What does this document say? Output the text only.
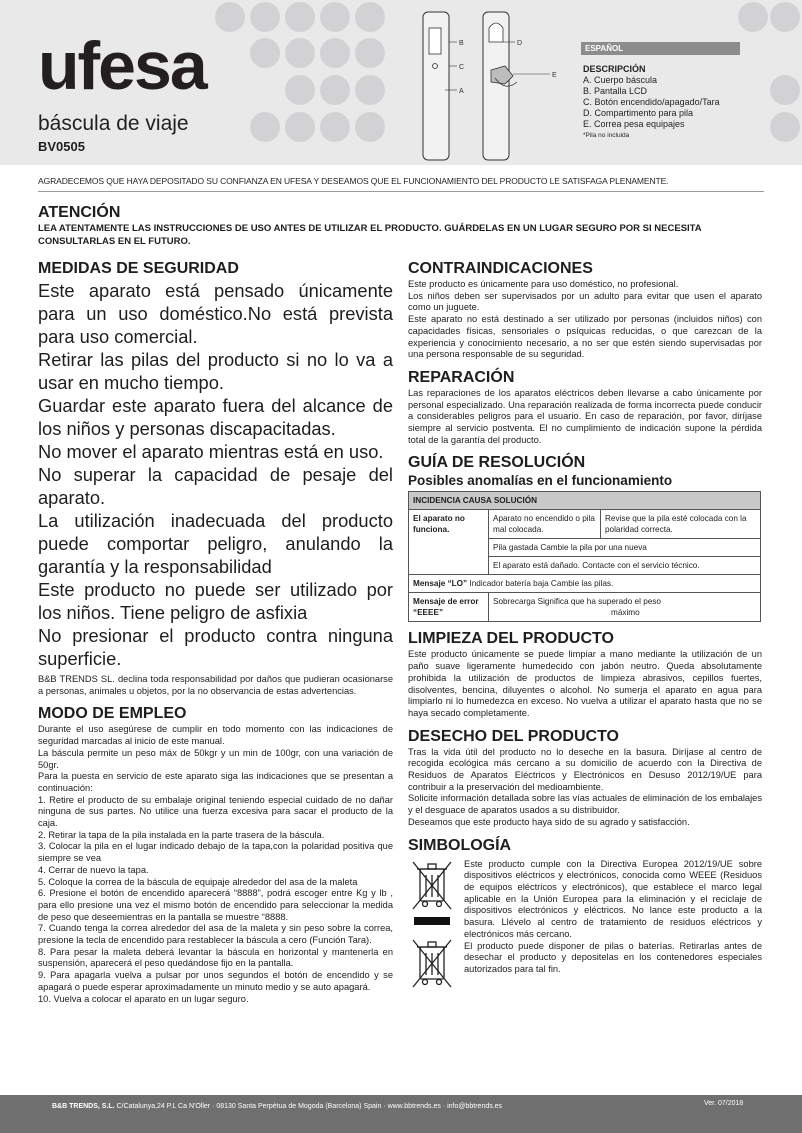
ufesa
báscula de viaje
BV0505
B
C
A
D
E
ESPAÑOL
DESCRIPCIÓN
A. Cuerpo báscula
B. Pantalla LCD
C. Botón encendido/apagado/Tara
D. Compartimento para pila
E. Correa pesa equipajes
*Pila no incluida
AGRADECEMOS QUE HAYA DEPOSITADO SU CONFIANZA EN UFESA Y DESEAMOS QUE EL FUNCIONAMIENTO DEL PRODUCTO LE SATISFAGA PLENAMENTE.
ATENCIÓN
LEA ATENTAMENTE LAS INSTRUCCIONES DE USO ANTES DE UTILIZAR EL PRODUCTO. GUÁRDELAS EN UN LUGAR SEGURO POR SI NECESITA CONSULTARLAS EN EL FUTURO.
MEDIDAS DE SEGURIDAD

Este aparato está pensado únicamente para un uso doméstico.No está prevista para uso comercial.

Retirar las pilas del producto si no lo va a usar en mucho tiempo.

Guardar este aparato fuera del alcance de los niños y personas discapacitadas.

No mover el aparato mientras está en uso.

No superar la capacidad de pesaje del aparato.

La utilización inadecuada del producto puede comportar peligro, anulando la garantía y la responsabilidad

Este producto no puede ser utilizado por los niños. Tiene peligro de asfixia

No presionar el producto contra ninguna superficie.

B&B TRENDS SL. declina toda responsabilidad por daños que pudieran ocasionarse a personas, animales u objetos, por la no observancia de estas advertencias.
MODO DE EMPLEO

Durante el uso asegúrese de cumplir en todo momento con las indicaciones de seguridad marcadas al inicio de este manual.

La báscula permite un peso máx de 50kgr y un min de 100gr, con una variación de 50gr.

Para la puesta en servicio de este aparato siga las indicaciones que se presentan a continuación:

1. Retire el producto de su embalaje original teniendo especial cuidado de no dañar ninguna de sus partes. No utilice una fuerza excesiva para sacar el producto de la caja.

2. Retirar la tapa de la pila instalada en la parte trasera de la báscula.

3. Colocar la pila en el lugar indicado debajo de la tapa,con la polaridad positiva que siempre se vea

4. Cerrar de nuevo la tapa.

5. Coloque la correa de la báscula de equipaje alrededor del asa de la maleta

6. Presione el botón de encendido aparecerá “8888”, podrá escoger entre Kg y lb , para ello presione una vez el mismo botón de encendido para seleccionar la medida de peso que deseemientras en la pantalla se muestre “8888.

7. Cuando tenga la correa alrededor del asa de la maleta y sin peso sobre la correa, presione la tecla de encendido para restablecer la báscula a cero (Función Tara).

8. Para pesar la maleta deberá levantar la báscula en horizontal y mantenerla en suspensión, aparecerá el peso quedándose fijo en la pantalla.

9. Para apagarla vuelva a pulsar por unos segundos el botón de encendido y se apagará o puede esperar aproximadamente un minuto medio y se auto apagará.

10. Vuelva a colocar el aparato en un lugar seguro.

CONTRAINDICACIONES

Este producto es únicamente para uso doméstico, no profesional.

Los niños deben ser supervisados por un adulto para evitar que usen el aparato como un juguete.

Este aparato no está destinado a ser utilizado por personas (incluidos niños) con capacidades físicas, sensoriales o psíquicas reducidas, o que carezcan de la experiencia y conocimiento necesario, a no ser que estén siendo supervisadas por una persona responsable de su seguridad.

REPARACIÓN
Las reparaciones de los aparatos eléctricos deben llevarse a cabo únicamente por personal especializado. Una reparación realizada de forma incorrecta puede conducir a considerables peligros para el usuario. En caso de reparación, por favor, diríjase siempre al servicio postventa. El no cumplimiento de indicación supone la pérdida total de la garantía del producto.
GUÍA DE RESOLUCIÓN
Posibles anomalías en el funcionamiento
INCIDENCIA CAUSA SOLUCIÓN		
El aparato no funciona.	Aparato no encendido o pila mal colocada.	Revise que la pila esté colocada con la polaridad correcta.
	Pila gastada Cambie la pila por una nueva	
	El aparato está dañado. Contacte con el servicio técnico.	
Mensaje “LO” Indicador batería baja Cambie las pilas.		
Mensaje de error “EEEE”	Sobrecarga Significa que ha superado el peso
máximo	
LIMPIEZA DEL PRODUCTO
Este producto únicamente se puede limpiar a mano mediante la utilización de un paño suave ligeramente humedecido con jabón neutro. Queda absolutamente prohibida la utilización de productos de limpieza abrasivos, cepillos fuertes, disolventes, bencina, diluyentes o alcohol. No sumerja el aparato en agua para limpiarlo ni lo humedezca en exceso. No vuelva a utilizar el aparato hasta que no se haya secado completamente.
DESECHO DEL PRODUCTO

Tras la vida útil del producto no lo deseche en la basura. Diríjase al centro de recogida ecológica más cercano a su domicilio de acuerdo con la Directiva de Residuos de Aparatos Eléctricos y Electrónicos en Desuso 2012/19/UE para contribuir a la preservación del medioambiente.

Solicite información detallada sobre las vías actuales de eliminación de los embalajes y el desguace de aparatos usados a su distribuidor.

Deseamos que este producto haya sido de su agrado y satisfacción.

SIMBOLOGÍA

Este producto cumple con la Directiva Europea 2012/19/UE sobre dispositivos eléctricos y electrónicos, conocida como WEEE (Residuos de equipos eléctricos y electrónicos), que establece el marco legal aplicable en la Unión Europea para la eliminación y el reciclaje de dispositivos electrónicos y eléctricos. No lance este producto a la basura. Llévelo al centro de tratamiento de residuos eléctricos y electrónicos más cercano.

El producto puede disponer de pilas o baterías. Retirarlas antes de desechar el producto y depositelas en los contenedores especiales autorizados para tal fin.

B&B TRENDS, S.L. C/Catalunya,24 P.L Ca N'Oller · 08130 Santa Perpètua de Mogoda (Barcelona) Spain · www.bbtrends.es · info@bbtrends.es	Ver. 07/2018
